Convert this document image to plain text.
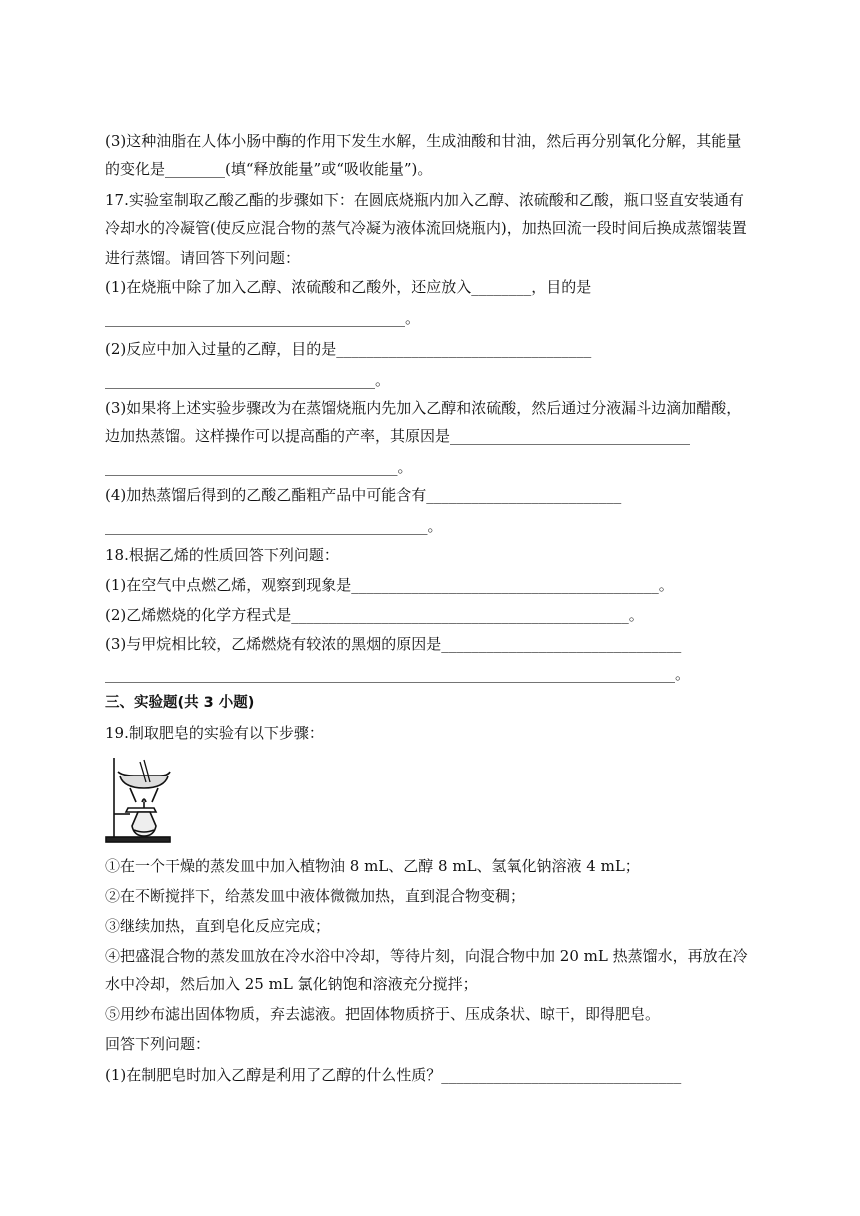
(3)这种油脂在人体小肠中酶的作用下发生水解，生成油酸和甘油，然后再分别氧化分解，其能量
的变化是________(填“释放能量”或“吸收能量”)。
17.实验室制取乙酸乙酯的步骤如下：在圆底烧瓶内加入乙醇、浓硫酸和乙酸，瓶口竖直安装通有
冷却水的冷凝管(使反应混合物的蒸气冷凝为液体流回烧瓶内)，加热回流一段时间后换成蒸馏装置
进行蒸馏。请回答下列问题：
(1)在烧瓶中除了加入乙醇、浓硫酸和乙酸外，还应放入________，目的是
________________________________________。
(2)反应中加入过量的乙醇，目的是__________________________________
____________________________________。
(3)如果将上述实验步骤改为在蒸馏烧瓶内先加入乙醇和浓硫酸，然后通过分液漏斗边滴加醋酸，
边加热蒸馏。这样操作可以提高酯的产率，其原因是________________________________
_______________________________________。
(4)加热蒸馏后得到的乙酸乙酯粗产品中可能含有__________________________
___________________________________________。
18.根据乙烯的性质回答下列问题：
(1)在空气中点燃乙烯，观察到现象是_________________________________________。
(2)乙烯燃烧的化学方程式是_____________________________________________。
(3)与甲烷相比较，乙烯燃烧有较浓的黑烟的原因是________________________________
____________________________________________________________________________。
三、实验题(共 3 小题)
19.制取肥皂的实验有以下步骤：
①在一个干燥的蒸发皿中加入植物油 8 mL、乙醇 8 mL、氢氧化钠溶液 4 mL；
②在不断搅拌下，给蒸发皿中液体微微加热，直到混合物变稠；
③继续加热，直到皂化反应完成；
④把盛混合物的蒸发皿放在冷水浴中冷却，等待片刻，向混合物中加 20 mL 热蒸馏水，再放在冷
水中冷却，然后加入 25 mL 氯化钠饱和溶液充分搅拌；
⑤用纱布滤出固体物质，弃去滤液。把固体物质挤于、压成条状、晾干，即得肥皂。
回答下列问题：
(1)在制肥皂时加入乙醇是利用了乙醇的什么性质？________________________________
